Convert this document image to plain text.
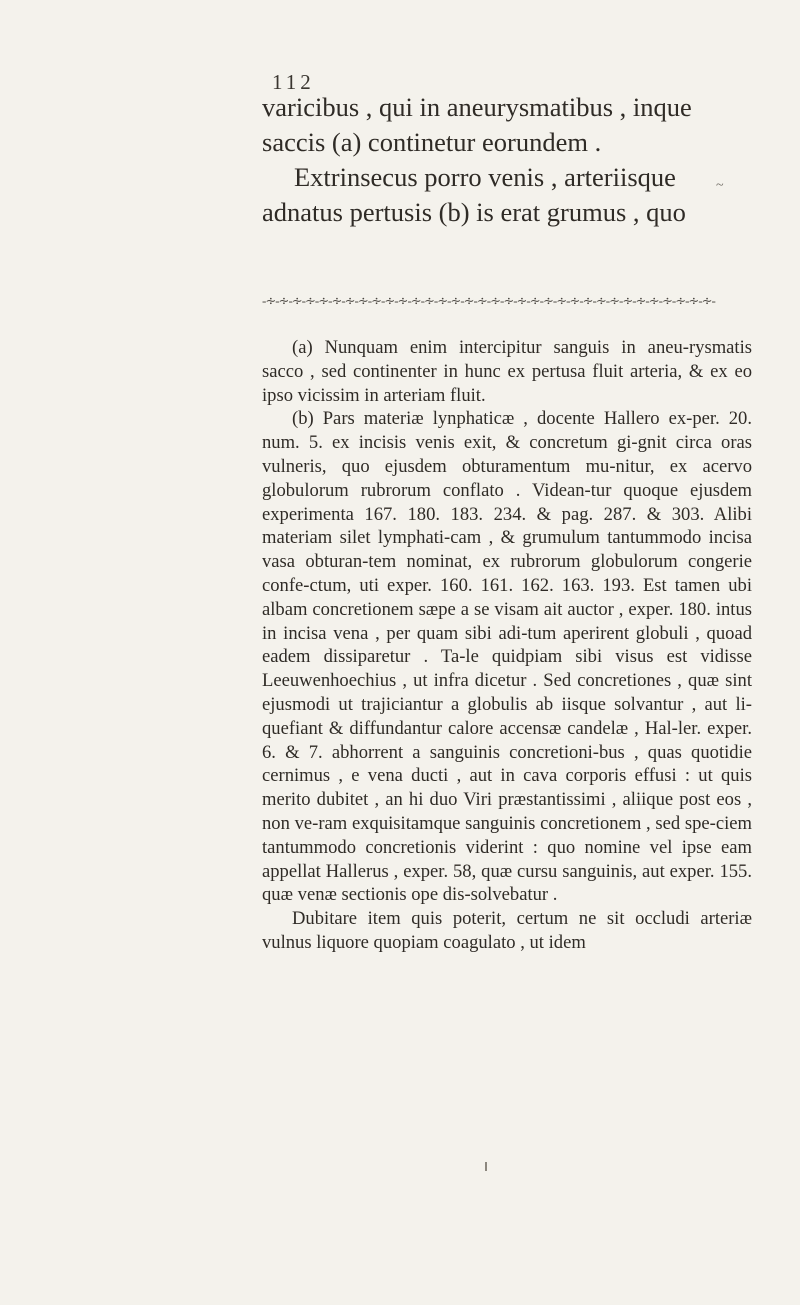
112
varicibus , qui in aneurysmatibus , inque
saccis (a) continetur eorundem .
Extrinsecus porro venis , arteriisque
adnatus pertusis (b) is erat grumus , quo
~
-∻-∻-∻-∻-∻-∻-∻-∻-∻-∻-∻-∻-∻-∻-∻-∻-∻-∻-∻-∻-∻-∻-∻-∻-∻-∻-∻-∻-∻-∻-∻-∻-∻-∻-

(a) Nunquam enim intercipitur sanguis in aneu-rysmatis sacco , sed continenter in hunc ex pertusa fluit arteria, & ex eo ipso vicissim in arteriam fluit.

(b) Pars materiæ lynphaticæ , docente Hallero ex-per. 20. num. 5. ex incisis venis exit, & concretum gi-gnit circa oras vulneris, quo ejusdem obturamentum mu-nitur, ex acervo globulorum rubrorum conflato . Videan-tur quoque ejusdem experimenta 167. 180. 183. 234. & pag. 287. & 303. Alibi materiam silet lymphati-cam , & grumulum tantummodo incisa vasa obturan-tem nominat, ex rubrorum globulorum congerie confe-ctum, uti exper. 160. 161. 162. 163. 193. Est tamen ubi albam concretionem sæpe a se visam ait auctor , exper. 180. intus in incisa vena , per quam sibi adi-tum aperirent globuli , quoad eadem dissiparetur . Ta-le quidpiam sibi visus est vidisse Leeuwenhoechius , ut infra dicetur . Sed concretiones , quæ sint ejusmodi ut trajiciantur a globulis ab iisque solvantur , aut li-quefiant & diffundantur calore accensæ candelæ , Hal-ler. exper. 6. & 7. abhorrent a sanguinis concretioni-bus , quas quotidie cernimus , e vena ducti , aut in cava corporis effusi : ut quis merito dubitet , an hi duo Viri præstantissimi , aliique post eos , non ve-ram exquisitamque sanguinis concretionem , sed spe-ciem tantummodo concretionis viderint : quo nomine vel ipse eam appellat Hallerus , exper. 58, quæ cursu sanguinis, aut exper. 155. quæ venæ sectionis ope dis-solvebatur .

Dubitare item quis poterit, certum ne sit occludi arteriæ vulnus liquore quopiam coagulato , ut idem
